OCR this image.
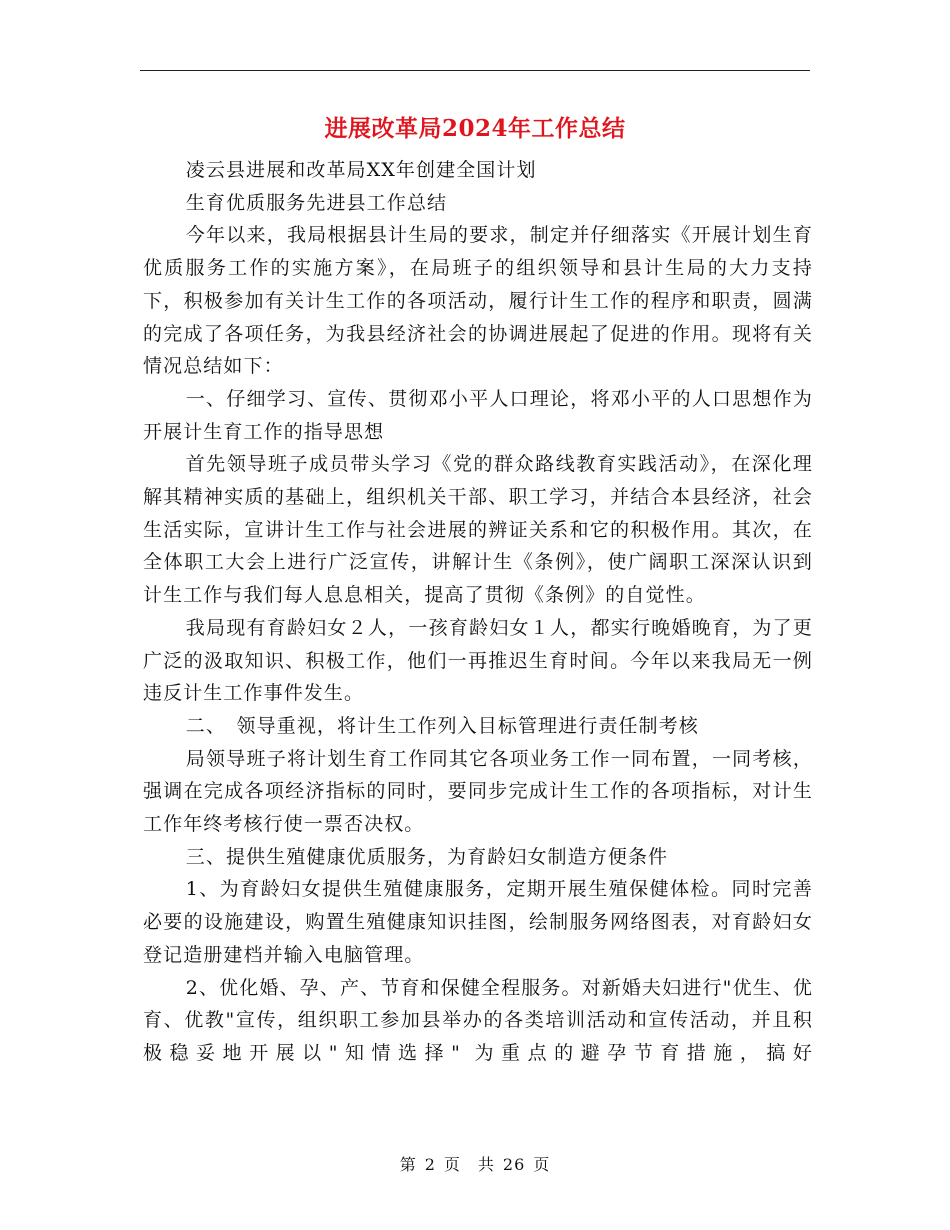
进展改革局2024年工作总结

凌云县进展和改革局XX年创建全国计划

生育优质服务先进县工作总结

今年以来，我局根据县计生局的要求，制定并仔细落实《开展计划生育优质服务工作的实施方案》，在局班子的组织领导和县计生局的大力支持下，积极参加有关计生工作的各项活动，履行计生工作的程序和职责，圆满的完成了各项任务，为我县经济社会的协调进展起了促进的作用。现将有关情况总结如下：

一、仔细学习、宣传、贯彻邓小平人口理论，将邓小平的人口思想作为开展计生育工作的指导思想

首先领导班子成员带头学习《党的群众路线教育实践活动》，在深化理解其精神实质的基础上，组织机关干部、职工学习，并结合本县经济，社会生活实际，宣讲计生工作与社会进展的辨证关系和它的积极作用。其次，在全体职工大会上进行广泛宣传，讲解计生《条例》，使广阔职工深深认识到计生工作与我们每人息息相关，提高了贯彻《条例》的自觉性。

我局现有育龄妇女２人，一孩育龄妇女１人，都实行晚婚晚育，为了更广泛的汲取知识、积极工作，他们一再推迟生育时间。今年以来我局无一例违反计生工作事件发生。

二、　领导重视，将计生工作列入目标管理进行责任制考核

局领导班子将计划生育工作同其它各项业务工作一同布置，一同考核，强调在完成各项经济指标的同时，要同步完成计生工作的各项指标，对计生工作年终考核行使一票否决权。

三、提供生殖健康优质服务，为育龄妇女制造方便条件

1、为育龄妇女提供生殖健康服务，定期开展生殖保健体检。同时完善必要的设施建设，购置生殖健康知识挂图，绘制服务网络图表，对育龄妇女登记造册建档并输入电脑管理。

2、优化婚、孕、产、节育和保健全程服务。对新婚夫妇进行"优生、优育、优教"宣传，组织职工参加县举办的各类培训活动和宣传活动，并且积极稳妥地开展以"知情选择" 为重点的避孕节育措施，搞好

第 2 页　共 26 页
